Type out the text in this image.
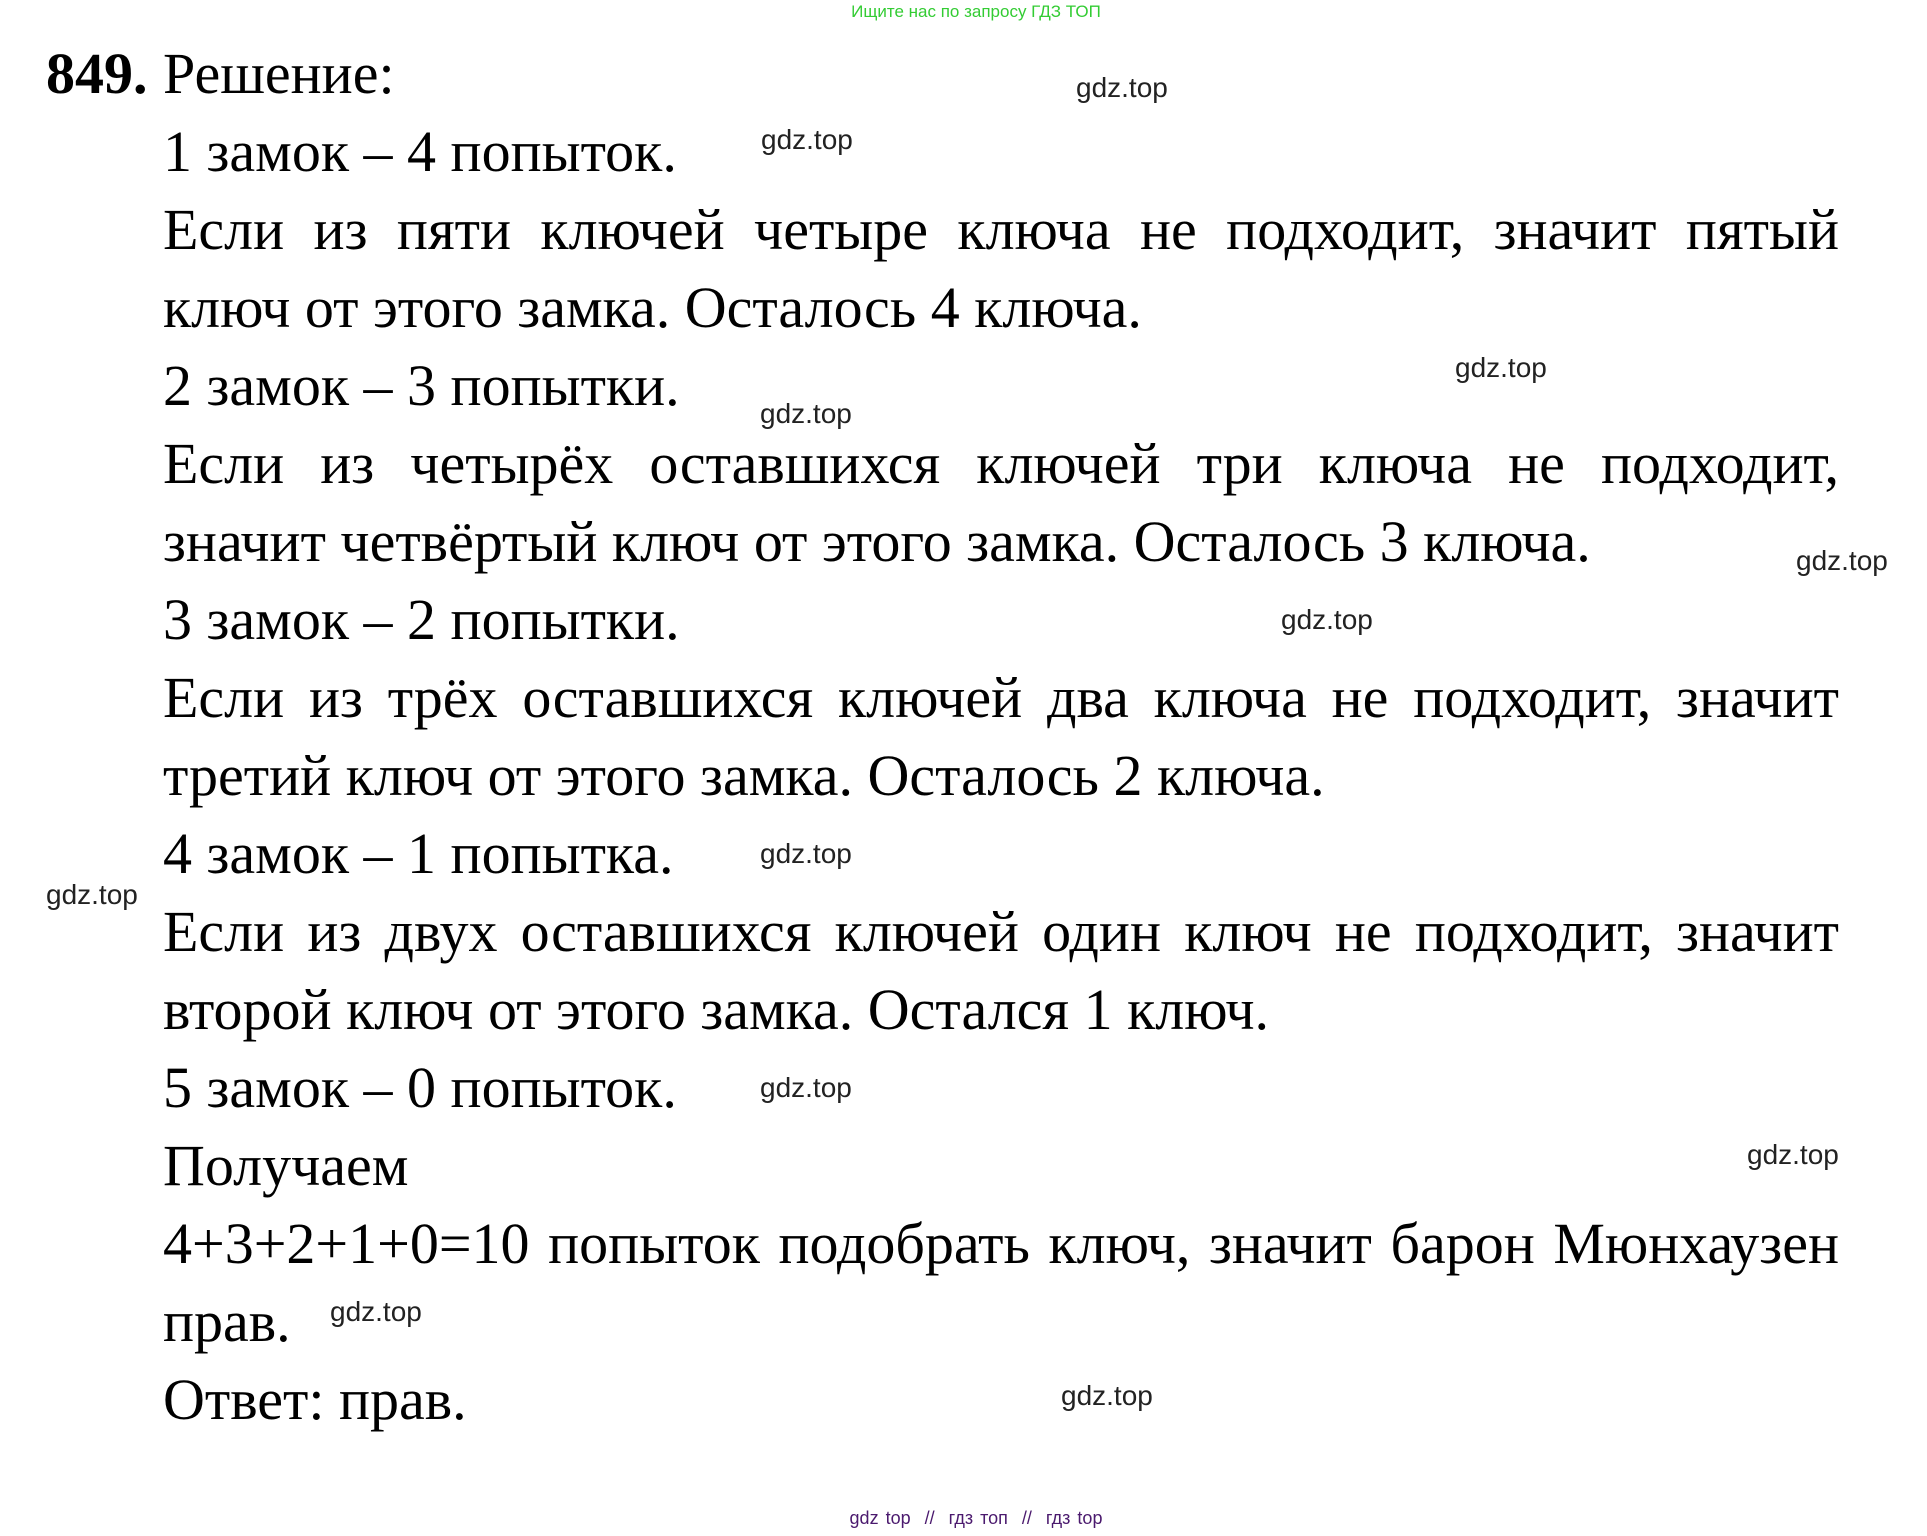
Ищите нас по запросу ГДЗ ТОП
849. Решение:
1 замок – 4 попыток.
Если из пяти ключей четыре ключа не подходит, значит пятый
ключ от этого замка. Осталось 4 ключа.
2 замок – 3 попытки.
Если из четырёх оставшихся ключей три ключа не подходит,
значит четвёртый ключ от этого замка. Осталось 3 ключа.
3 замок – 2 попытки.
Если из трёх оставшихся ключей два ключа не подходит, значит
третий ключ от этого замка. Осталось 2 ключа.
4 замок – 1 попытка.
Если из двух оставшихся ключей один ключ не подходит, значит
второй ключ от этого замка. Остался 1 ключ.
5 замок – 0 попыток.
Получаем
4+3+2+1+0=10 попыток подобрать ключ, значит барон Мюнхаузен
прав.
Ответ: прав.
gdz.top
gdz.top
gdz.top
gdz.top
gdz.top
gdz.top
gdz.top
gdz.top
gdz.top
gdz.top
gdz.top
gdz.top
gdz top  //  гдз топ  //  гдз top
